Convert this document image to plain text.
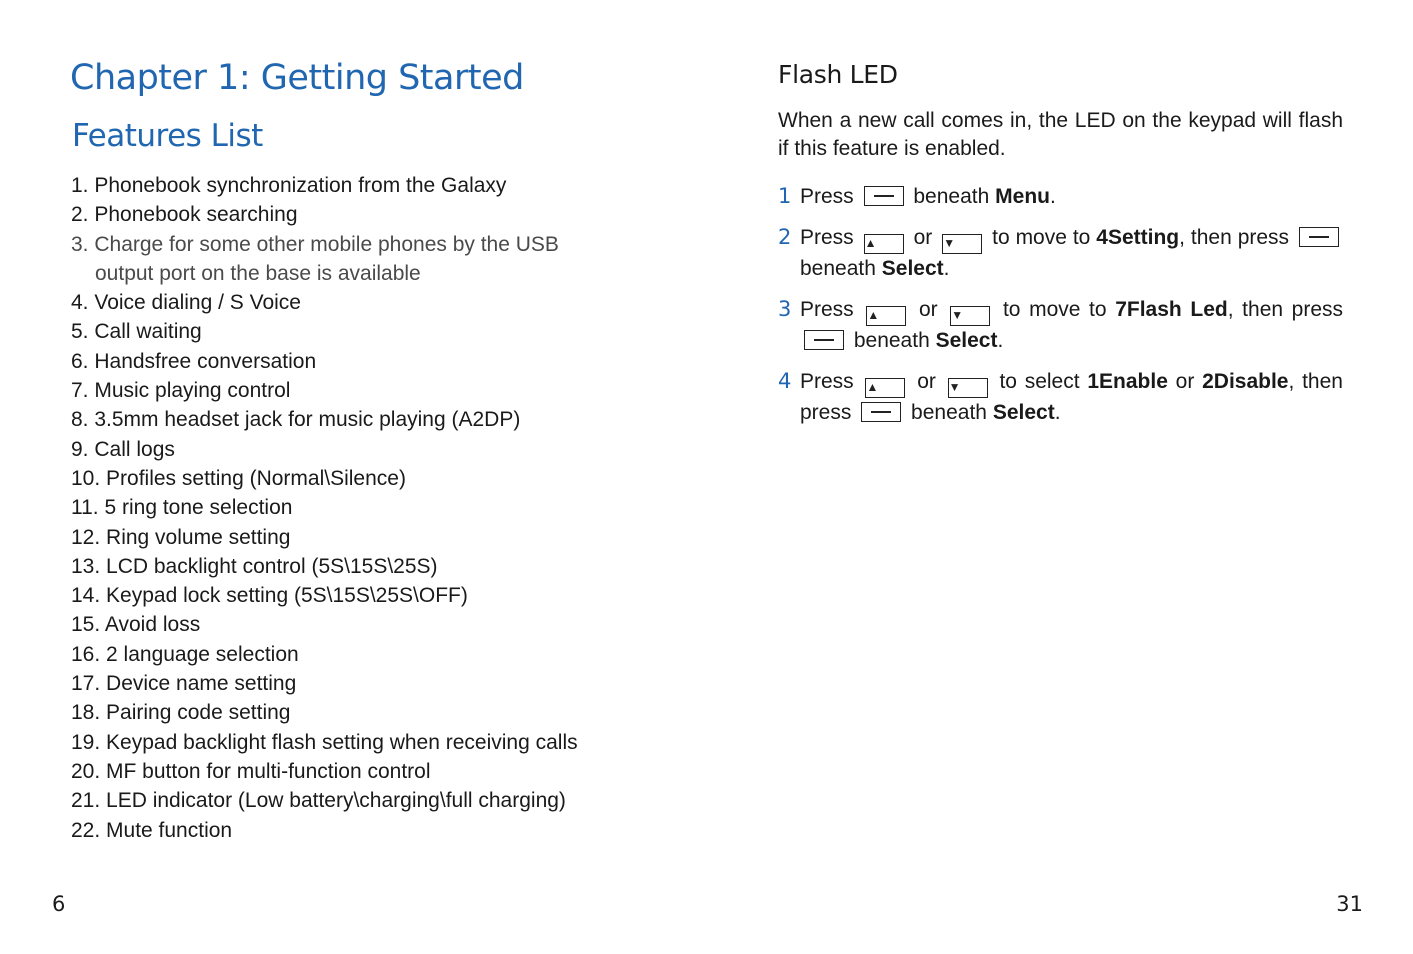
Chapter 1: Getting Started
Features List
1. Phonebook synchronization from the Galaxy
2. Phonebook searching
3. Charge for some other mobile phones by the USB
output port on the base is available
4. Voice dialing / S Voice
5. Call waiting
6. Handsfree conversation
7. Music playing control
8. 3.5mm headset jack for music playing (A2DP)
9. Call logs
10. Profiles setting (Normal\Silence)
11. 5 ring tone selection
12. Ring volume setting
13. LCD backlight control (5S\15S\25S)
14. Keypad lock setting (5S\15S\25S\OFF)
15. Avoid loss
16. 2 language selection
17. Device name setting
18. Pairing code setting
19. Keypad backlight flash setting when receiving calls
20. MF button for multi-function control
21. LED indicator (Low battery\charging\full charging)
22. Mute function
6
Flash LED

When a new call comes in, the LED on the keypad will flash if this feature is enabled.

1 Press	beneath Menu.
2 Press ▲ or ▼ to move to 4Setting, then press  beneath Select.
3 Press ▲ or ▼ to move to 7Flash Led, then press  beneath Select.
4 Press ▲ or ▼ to select 1Enable or 2Disable, then press	beneath Select.
31
